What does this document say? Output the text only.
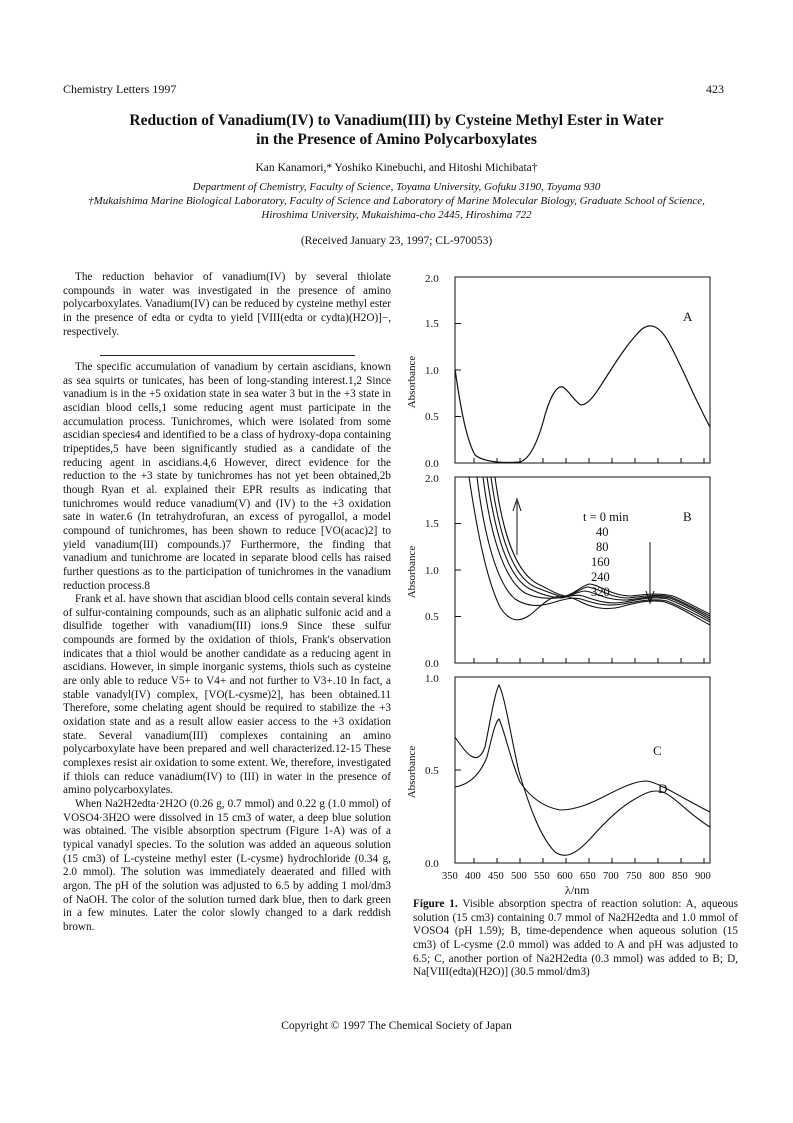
Chemistry Letters 1997	423
Reduction of Vanadium(IV) to Vanadium(III) by Cysteine Methyl Ester in Water
in the Presence of Amino Polycarboxylates
Kan Kanamori,* Yoshiko Kinebuchi, and Hitoshi Michibata†
Department of Chemistry, Faculty of Science, Toyama University, Gofuku 3190, Toyama 930
†Mukaishima Marine Biological Laboratory, Faculty of Science and Laboratory of Marine Molecular Biology, Graduate School of Science,
Hiroshima University, Mukaishima-cho 2445, Hiroshima 722
(Received January 23, 1997; CL-970053)

The reduction behavior of vanadium(IV) by several thiolate compounds in water was investigated in the presence of amino polycarboxylates. Vanadium(IV) can be reduced by cysteine methyl ester in the presence of edta or cydta to yield [VIII(edta or cydta)(H2O)]−, respectively.

The specific accumulation of vanadium by certain ascidians, known as sea squirts or tunicates, has been of long-standing interest.1,2 Since vanadium is in the +5 oxidation state in sea water 3 but in the +3 state in ascidian blood cells,1 some reducing agent must participate in the accumulation process. Tunichromes, which were isolated from some ascidian species4 and identified to be a class of hydroxy-dopa containing tripeptides,5 have been significantly studied as a candidate of the reducing agent in ascidians.4,6 However, direct evidence for the reduction to the +3 state by tunichromes has not yet been obtained,2b though Ryan et al. explained their EPR results as indicating that tunichromes would reduce vanadium(V) and (IV) to the +3 oxidation sate in water.6 (In tetrahydrofuran, an excess of pyrogallol, a model compound of tunichromes, has been shown to reduce [VO(acac)2] to yield vanadium(III) compounds.)7 Furthermore, the finding that vanadium and tunichrome are located in separate blood cells has raised further questions as to the participation of tunichromes in the vanadium reduction process.8

Frank et al. have shown that ascidian blood cells contain several kinds of sulfur-containing compounds, such as an aliphatic sulfonic acid and a disulfide together with vanadium(III) ions.9 Since these sulfur compounds are formed by the oxidation of thiols, Frank's observation indicates that a thiol would be another candidate as a reducing agent in ascidians. However, in simple inorganic systems, thiols such as cysteine are only able to reduce V5+ to V4+ and not further to V3+.10 In fact, a stable vanadyl(IV) complex, [VO(L-cysme)2], has been obtained.11 Therefore, some chelating agent should be required to stabilize the +3 oxidation state and as a result allow easier access to the +3 oxidation state. Several vanadium(III) complexes containing an amino polycarboxylate have been prepared and well characterized.12-15 These complexes resist air oxidation to some extent. We, therefore, investigated if thiols can reduce vanadium(IV) to (III) in water in the presence of amino polycarboxylates.

When Na2H2edta·2H2O (0.26 g, 0.7 mmol) and 0.22 g (1.0 mmol) of VOSO4·3H2O were dissolved in 15 cm3 of water, a deep blue solution was obtained. The visible absorption spectrum (Figure 1-A) was of a typical vanadyl species. To the solution was added an aqueous solution (15 cm3) of L-cysteine methyl ester (L-cysme) hydrochloride (0.34 g, 2.0 mmol). The solution was immediately deaerated and filled with argon. The pH of the solution was adjusted to 6.5 by adding 1 mol/dm3 of NaOH. The color of the solution turned dark blue, then to dark green in a few minutes. Later the color slowly changed to a dark reddish brown.

0.0
0.5
1.0
1.5
2.0
Absorbance
A
0.0
0.5
1.0
1.5
2.0
Absorbance
B
t = 0 min
40
80
160
240
320
0.0
0.5
1.0
Absorbance	C
D
350 400 450 500 550 600 650 700 750 800 850 900
λ/nm
Figure 1. Visible absorption spectra of reaction solution: A, aqueous solution (15 cm3) containing 0.7 mmol of Na2H2edta and 1.0 mmol of VOSO4 (pH 1.59); B, time-dependence when aqueous solution (15 cm3) of L-cysme (2.0 mmol) was added to A and pH was adjusted to 6.5; C, another portion of Na2H2edta (0.3 mmol) was added to B; D, Na[VIII(edta)(H2O)] (30.5 mmol/dm3)
Copyright © 1997 The Chemical Society of Japan
